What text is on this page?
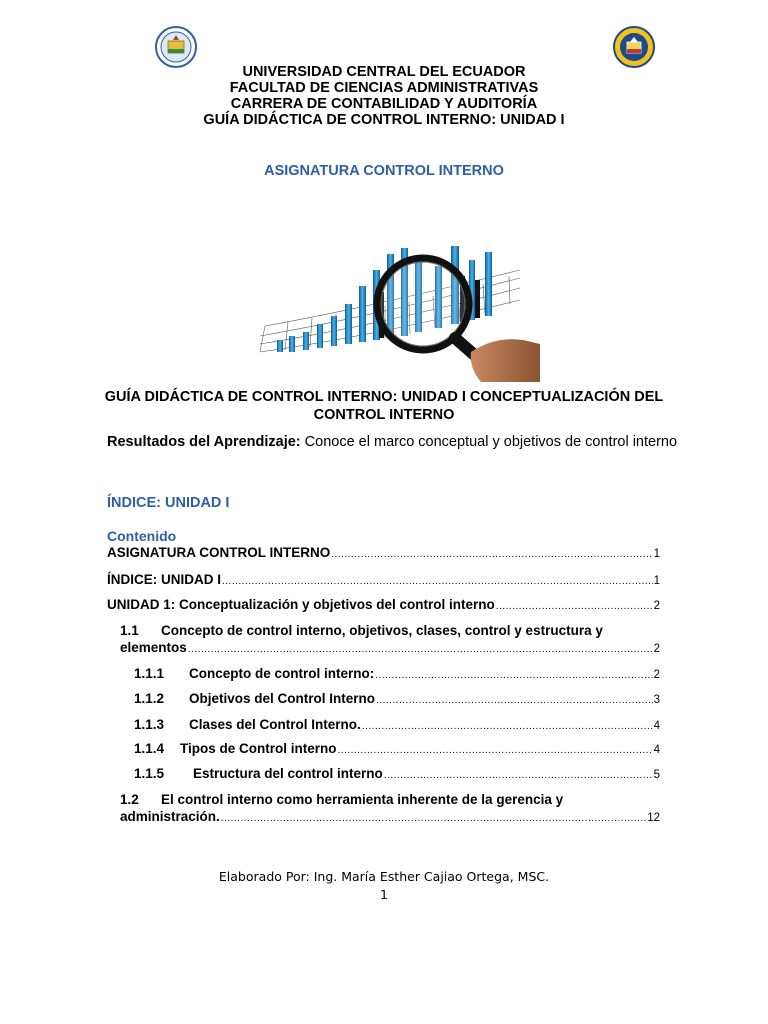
UNIVERSIDAD CENTRAL DEL ECUADOR
FACULTAD DE CIENCIAS ADMINISTRATIVAS
CARRERA DE CONTABILIDAD Y AUDITORÍA
GUÍA DIDÁCTICA DE CONTROL INTERNO: UNIDAD I
ASIGNATURA CONTROL INTERNO
GUÍA DIDÁCTICA DE CONTROL INTERNO: UNIDAD I CONCEPTUALIZACIÓN DEL
CONTROL INTERNO
Resultados del Aprendizaje: Conoce el marco conceptual y objetivos de control interno
ÍNDICE: UNIDAD I
Contenido
ASIGNATURA CONTROL INTERNO .....	1
ÍNDICE: UNIDAD I .....	1
UNIDAD 1: Conceptualización y objetivos del control interno .....	2
1.1 Concepto de control interno, objetivos, clases, control y estructura y
elementos .....	2
1.1.1 Concepto de control interno: .....	2
1.1.2 Objetivos del Control Interno .....	3
1.1.3 Clases del Control Interno. .....	4
1.1.4 Tipos de Control interno .....	4
1.1.5 Estructura del control interno .....	5
1.2 El control interno como herramienta inherente de la gerencia y
administración. .....	12
Elaborado Por: Ing. María Esther Cajiao Ortega, MSC.
1
